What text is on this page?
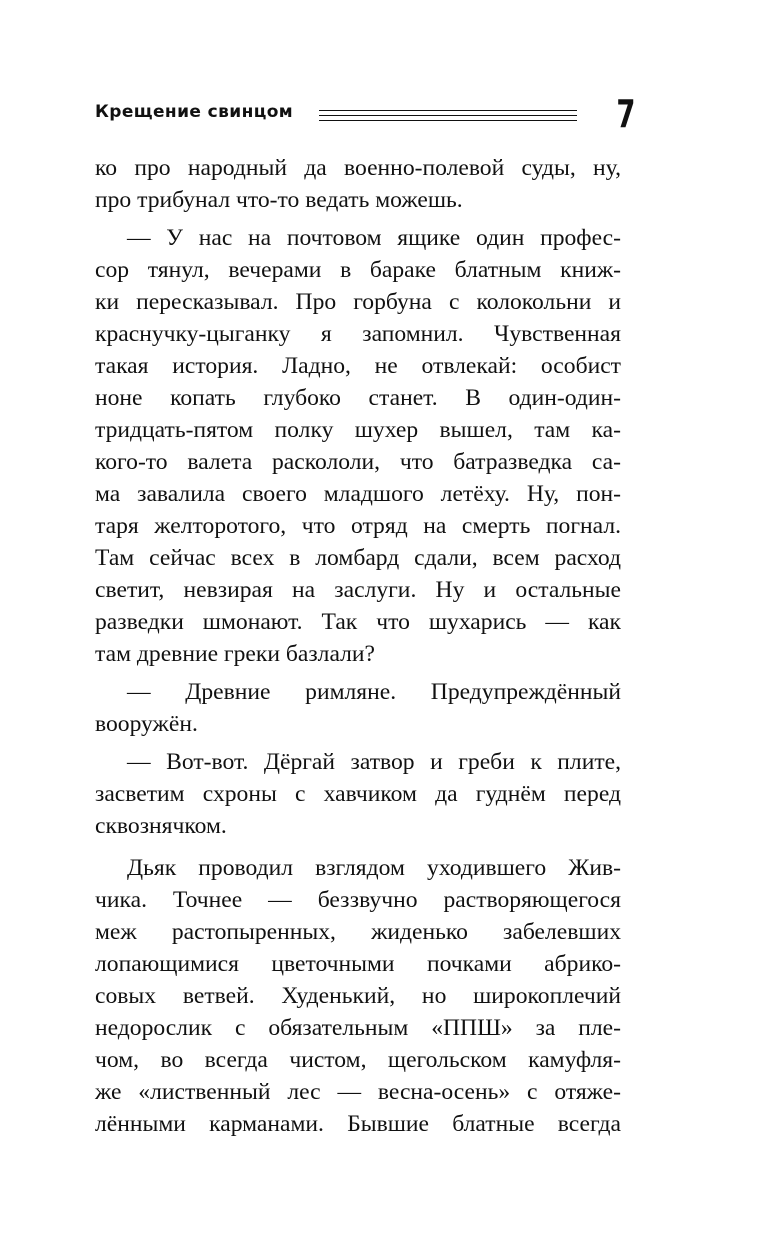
Крещение свинцом	7
ко про народный да военно-полевой суды, ну,
про трибунал что-то ведать можешь.
— У нас на почтовом ящике один профес-
сор тянул, вечерами в бараке блатным книж-
ки пересказывал. Про горбуна с колокольни и
краснучку-цыганку я запомнил. Чувственная
такая история. Ладно, не отвлекай: особист
ноне копать глубоко станет. В один-один-
тридцать-пятом полку шухер вышел, там ка-
кого-то валета раскололи, что батразведка са-
ма завалила своего младшого летёху. Ну, пон-
таря желторотого, что отряд на смерть погнал.
Там сейчас всех в ломбард сдали, всем расход
светит, невзирая на заслуги. Ну и остальные
разведки шмонают. Так что шухарись — как
там древние греки базлали?
— Древние римляне. Предупреждённый
вооружён.
— Вот-вот. Дёргай затвор и греби к плите,
засветим схроны с хавчиком да гуднём перед
сквознячком.
Дьяк проводил взглядом уходившего Жив-
чика. Точнее — беззвучно растворяющегося
меж растопыренных, жиденько забелевших
лопающимися цветочными почками абрико-
совых ветвей. Худенький, но широкоплечий
недорослик с обязательным «ППШ» за пле-
чом, во всегда чистом, щегольском камуфля-
же «лиственный лес — весна-осень» с отяже-
лёнными карманами. Бывшие блатные всегда
